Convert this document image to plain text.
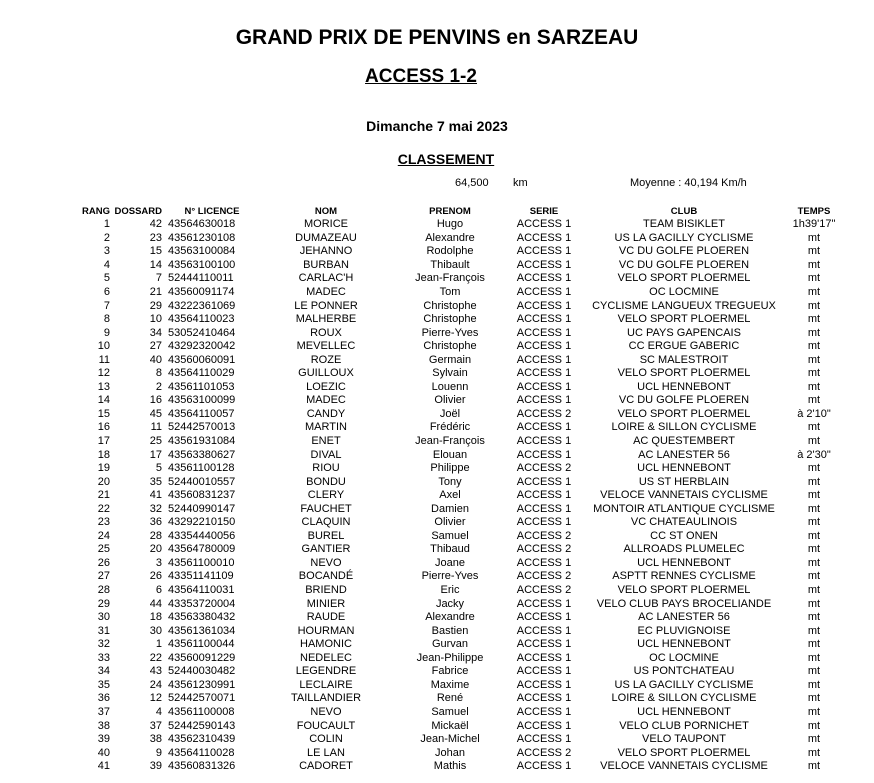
GRAND PRIX DE PENVINS en SARZEAU
ACCESS 1-2
Dimanche 7 mai 2023
CLASSEMENT
64,500 km	Moyenne : 40,194 Km/h
RANG	DOSSARD	N° LICENCE	NOM	PRENOM	SERIE	CLUB	TEMPS
1	42	43564630018	MORICE	Hugo	ACCESS 1	TEAM BISIKLET	1h39'17"
2	23	43561230108	DUMAZEAU	Alexandre	ACCESS 1	US LA GACILLY CYCLISME	mt
3	15	43563100084	JEHANNO	Rodolphe	ACCESS 1	VC DU GOLFE PLOEREN	mt
4	14	43563100100	BURBAN	Thibault	ACCESS 1	VC DU GOLFE PLOEREN	mt
5	7	52444110011	CARLAC'H	Jean-François	ACCESS 1	VELO SPORT PLOERMEL	mt
6	21	43560091174	MADEC	Tom	ACCESS 1	OC LOCMINE	mt
7	29	43222361069	LE PONNER	Christophe	ACCESS 1	CYCLISME LANGUEUX TREGUEUX	mt
8	10	43564110023	MALHERBE	Christophe	ACCESS 1	VELO SPORT PLOERMEL	mt
9	34	53052410464	ROUX	Pierre-Yves	ACCESS 1	UC PAYS GAPENCAIS	mt
10	27	43292320042	MEVELLEC	Christophe	ACCESS 1	CC ERGUE GABERIC	mt
11	40	43560060091	ROZE	Germain	ACCESS 1	SC MALESTROIT	mt
12	8	43564110029	GUILLOUX	Sylvain	ACCESS 1	VELO SPORT PLOERMEL	mt
13	2	43561101053	LOEZIC	Louenn	ACCESS 1	UCL HENNEBONT	mt
14	16	43563100099	MADEC	Olivier	ACCESS 1	VC DU GOLFE PLOEREN	mt
15	45	43564110057	CANDY	Joël	ACCESS 2	VELO SPORT PLOERMEL	à 2'10"
16	11	52442570013	MARTIN	Frédéric	ACCESS 1	LOIRE & SILLON CYCLISME	mt
17	25	43561931084	ENET	Jean-François	ACCESS 1	AC QUESTEMBERT	mt
18	17	43563380627	DIVAL	Elouan	ACCESS 1	AC LANESTER 56	à 2'30"
19	5	43561100128	RIOU	Philippe	ACCESS 2	UCL HENNEBONT	mt
20	35	52440010557	BONDU	Tony	ACCESS 1	US ST HERBLAIN	mt
21	41	43560831237	CLERY	Axel	ACCESS 1	VELOCE VANNETAIS CYCLISME	mt
22	32	52440990147	FAUCHET	Damien	ACCESS 1	MONTOIR ATLANTIQUE CYCLISME	mt
23	36	43292210150	CLAQUIN	Olivier	ACCESS 1	VC CHATEAULINOIS	mt
24	28	43354440056	BUREL	Samuel	ACCESS 2	CC ST ONEN	mt
25	20	43564780009	GANTIER	Thibaud	ACCESS 2	ALLROADS PLUMELEC	mt
26	3	43561100010	NEVO	Joane	ACCESS 1	UCL HENNEBONT	mt
27	26	43351141109	BOCANDÉ	Pierre-Yves	ACCESS 2	ASPTT RENNES CYCLISME	mt
28	6	43564110031	BRIEND	Eric	ACCESS 2	VELO SPORT PLOERMEL	mt
29	44	43353720004	MINIER	Jacky	ACCESS 1	VELO CLUB PAYS BROCELIANDE	mt
30	18	43563380432	RAUDE	Alexandre	ACCESS 1	AC LANESTER 56	mt
31	30	43561361034	HOURMAN	Bastien	ACCESS 1	EC PLUVIGNOISE	mt
32	1	43561100044	HAMONIC	Gurvan	ACCESS 1	UCL HENNEBONT	mt
33	22	43560091229	NEDELEC	Jean-Philippe	ACCESS 1	OC LOCMINE	mt
34	43	52440030482	LEGENDRE	Fabrice	ACCESS 1	US PONTCHATEAU	mt
35	24	43561230991	LECLAIRE	Maxime	ACCESS 1	US LA GACILLY CYCLISME	mt
36	12	52442570071	TAILLANDIER	René	ACCESS 1	LOIRE & SILLON CYCLISME	mt
37	4	43561100008	NEVO	Samuel	ACCESS 1	UCL HENNEBONT	mt
38	37	52442590143	FOUCAULT	Mickaël	ACCESS 1	VELO CLUB PORNICHET	mt
39	38	43562310439	COLIN	Jean-Michel	ACCESS 1	VELO TAUPONT	mt
40	9	43564110028	LE LAN	Johan	ACCESS 2	VELO SPORT PLOERMEL	mt
41	39	43560831326	CADORET	Mathis	ACCESS 1	VELOCE VANNETAIS CYCLISME	mt
